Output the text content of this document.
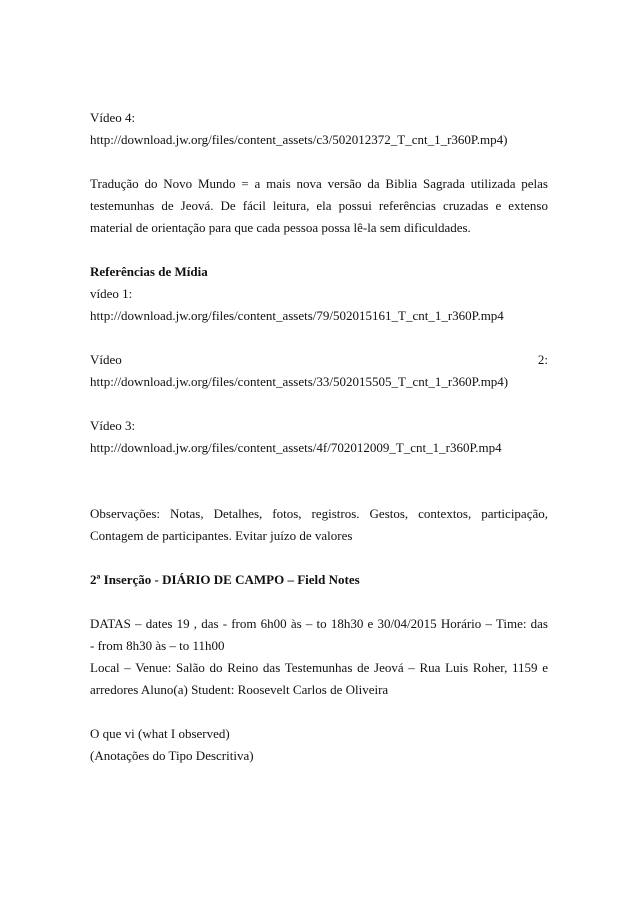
Vídeo 4:
http://download.jw.org/files/content_assets/c3/502012372_T_cnt_1_r360P.mp4)
Tradução do Novo Mundo = a mais nova versão da Biblia Sagrada utilizada pelas
testemunhas de Jeová. De fácil leitura, ela possui referências cruzadas e extenso
material de orientação para que cada pessoa possa lê-la sem dificuldades.
Referências de Mídia
vídeo 1:
http://download.jw.org/files/content_assets/79/502015161_T_cnt_1_r360P.mp4
Vídeo	2:
http://download.jw.org/files/content_assets/33/502015505_T_cnt_1_r360P.mp4)
Vídeo 3:
http://download.jw.org/files/content_assets/4f/702012009_T_cnt_1_r360P.mp4
Observações: Notas, Detalhes, fotos, registros. Gestos, contextos, participação,
Contagem de participantes. Evitar juízo de valores
2ª Inserção - DIÁRIO DE CAMPO – Field Notes
DATAS – dates 19 , das - from 6h00 às – to 18h30 e 30/04/2015 Horário – Time: das
- from 8h30 às – to 11h00
Local – Venue: Salão do Reino das Testemunhas de Jeová – Rua Luis Roher, 1159 e
arredores Aluno(a) Student: Roosevelt Carlos de Oliveira
O que vi (what I observed)
(Anotações do Tipo Descritiva)
